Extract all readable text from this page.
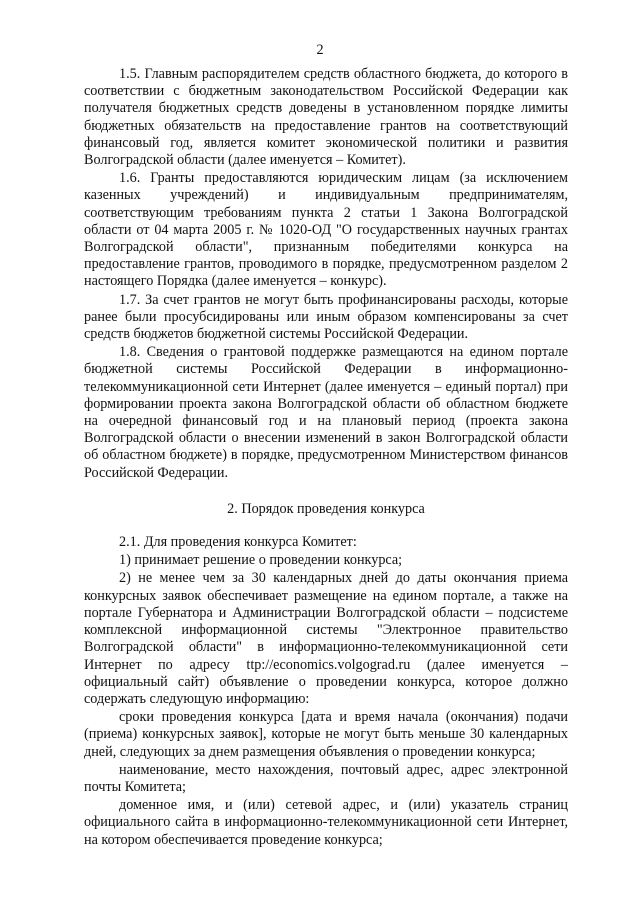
2

1.5. Главным распорядителем средств областного бюджета, до которого в соответствии с бюджетным законодательством Российской Федерации как получателя бюджетных средств доведены в установленном порядке лимиты бюджетных обязательств на предоставление грантов на соответствующий финансовый год, является комитет экономической политики и развития Волгоградской области (далее именуется – Комитет).

1.6. Гранты предоставляются юридическим лицам (за исключением казенных учреждений) и индивидуальным предпринимателям, соответствующим требованиям пункта 2 статьи 1 Закона Волгоградской области от 04 марта 2005 г. № 1020-ОД "О государственных научных грантах Волгоградской области", признанным победителями конкурса на предоставление грантов, проводимого в порядке, предусмотренном разделом 2 настоящего Порядка (далее именуется – конкурс).

1.7. За счет грантов не могут быть профинансированы расходы, которые ранее были просубсидированы или иным образом компенсированы за счет средств бюджетов бюджетной системы Российской Федерации.

1.8. Сведения о грантовой поддержке размещаются на едином портале бюджетной системы Российской Федерации в информационно-телекоммуникационной сети Интернет (далее именуется – единый портал) при формировании проекта закона Волгоградской области об областном бюджете на очередной финансовый год и на плановый период (проекта закона Волгоградской области о внесении изменений в закон Волгоградской области об областном бюджете) в порядке, предусмотренном Министерством финансов Российской Федерации.

2. Порядок проведения конкурса

2.1. Для проведения конкурса Комитет:

1) принимает решение о проведении конкурса;

2) не менее чем за 30 календарных дней до даты окончания приема конкурсных заявок обеспечивает размещение на едином портале, а также на портале Губернатора и Администрации Волгоградской области – подсистеме комплексной информационной системы "Электронное правительство Волгоградской области" в информационно-телекоммуникационной сети Интернет по адресу ttp://economics.volgograd.ru (далее именуется – официальный сайт) объявление о проведении конкурса, которое должно содержать следующую информацию:

сроки проведения конкурса [дата и время начала (окончания) подачи (приема) конкурсных заявок], которые не могут быть меньше 30 календарных дней, следующих за днем размещения объявления о проведении конкурса;

наименование, место нахождения, почтовый адрес, адрес электронной почты Комитета;

доменное имя, и (или) сетевой адрес, и (или) указатель страниц официального сайта в информационно-телекоммуникационной сети Интернет, на котором обеспечивается проведение конкурса;
